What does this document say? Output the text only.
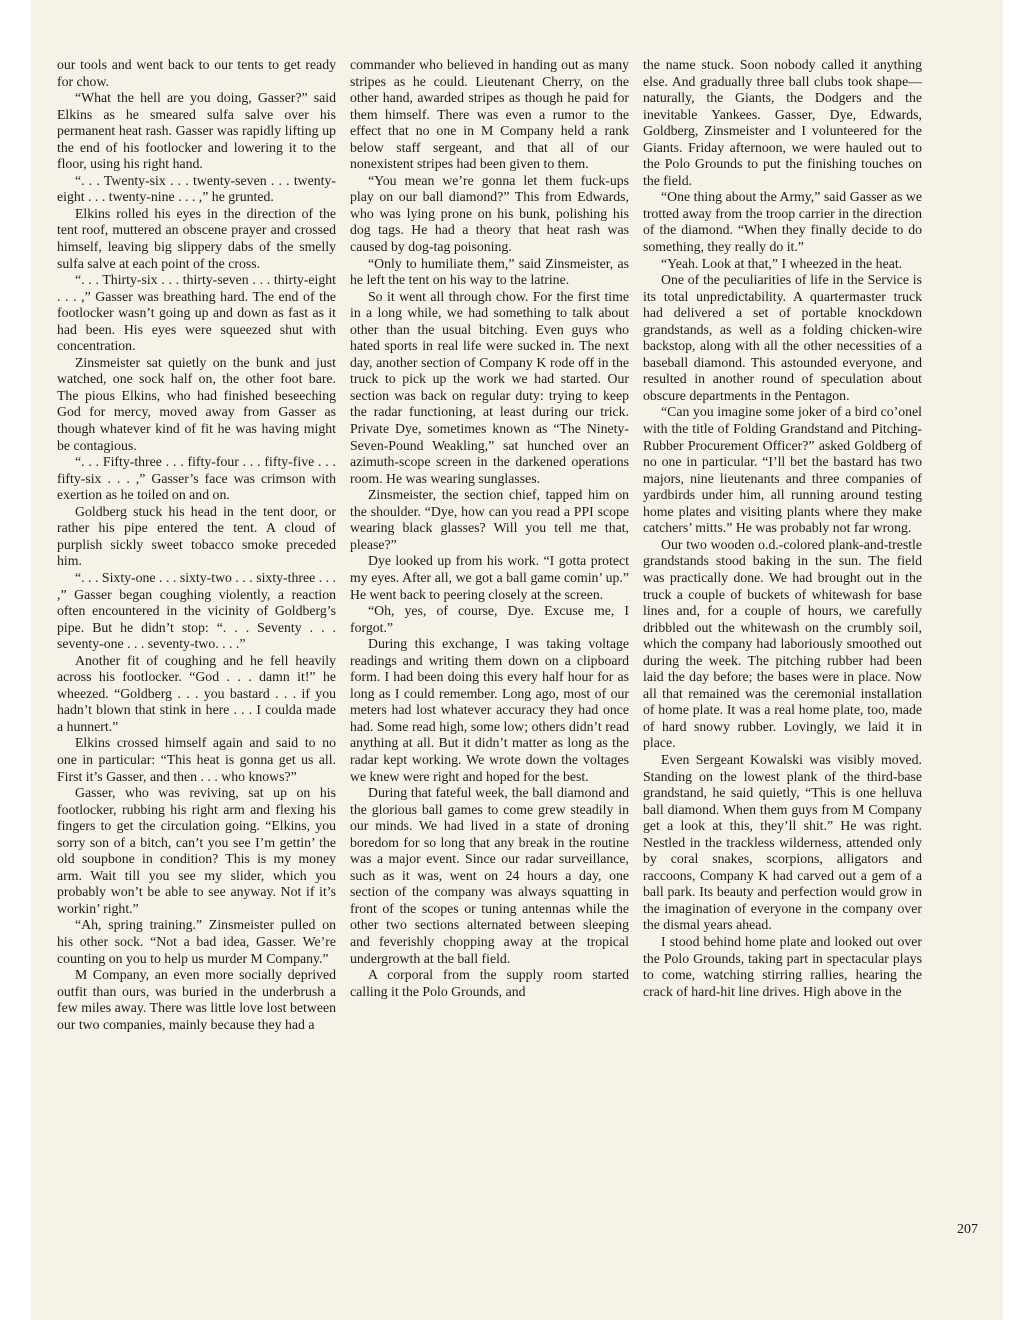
our tools and went back to our tents to get ready for chow.

“What the hell are you doing, Gasser?” said Elkins as he smeared sulfa salve over his permanent heat rash. Gasser was rapidly lifting up the end of his footlocker and lowering it to the floor, using his right hand.

“. . . Twenty-six . . . twenty-seven . . . twenty-eight . . . twenty-nine . . . ,” he grunted.

Elkins rolled his eyes in the direction of the tent roof, muttered an obscene prayer and crossed himself, leaving big slippery dabs of the smelly sulfa salve at each point of the cross.

“. . . Thirty-six . . . thirty-seven . . . thirty-eight . . . ,” Gasser was breathing hard. The end of the footlocker wasn’t going up and down as fast as it had been. His eyes were squeezed shut with concentration.

Zinsmeister sat quietly on the bunk and just watched, one sock half on, the other foot bare. The pious Elkins, who had finished beseeching God for mercy, moved away from Gasser as though whatever kind of fit he was having might be contagious.

“. . . Fifty-three . . . fifty-four . . . fifty-five . . . fifty-six . . . ,” Gasser’s face was crimson with exertion as he toiled on and on.

Goldberg stuck his head in the tent door, or rather his pipe entered the tent. A cloud of purplish sickly sweet tobacco smoke preceded him.

“. . . Sixty-one . . . sixty-two . . . sixty-three . . . ,” Gasser began coughing violently, a reaction often encountered in the vicinity of Goldberg’s pipe. But he didn’t stop: “. . . Seventy . . . seventy-one . . . seventy-two. . . .”

Another fit of coughing and he fell heavily across his footlocker. “God . . . damn it!” he wheezed. “Goldberg . . . you bastard . . . if you hadn’t blown that stink in here . . . I coulda made a hunnert.”

Elkins crossed himself again and said to no one in particular: “This heat is gonna get us all. First it’s Gasser, and then . . . who knows?”

Gasser, who was reviving, sat up on his footlocker, rubbing his right arm and flexing his fingers to get the circulation going. “Elkins, you sorry son of a bitch, can’t you see I’m gettin’ the old soupbone in condition? This is my money arm. Wait till you see my slider, which you probably won’t be able to see anyway. Not if it’s workin’ right.”

“Ah, spring training.” Zinsmeister pulled on his other sock. “Not a bad idea, Gasser. We’re counting on you to help us murder M Company.”

M Company, an even more socially deprived outfit than ours, was buried in the underbrush a few miles away. There was little love lost between our two companies, mainly because they had a

commander who believed in handing out as many stripes as he could. Lieutenant Cherry, on the other hand, awarded stripes as though he paid for them himself. There was even a rumor to the effect that no one in M Company held a rank below staff sergeant, and that all of our nonexistent stripes had been given to them.

“You mean we’re gonna let them fuck-ups play on our ball diamond?” This from Edwards, who was lying prone on his bunk, polishing his dog tags. He had a theory that heat rash was caused by dog-tag poisoning.

“Only to humiliate them,” said Zinsmeister, as he left the tent on his way to the latrine.

So it went all through chow. For the first time in a long while, we had something to talk about other than the usual bitching. Even guys who hated sports in real life were sucked in. The next day, another section of Company K rode off in the truck to pick up the work we had started. Our section was back on regular duty: trying to keep the radar functioning, at least during our trick. Private Dye, sometimes known as “The Ninety-Seven-Pound Weakling,” sat hunched over an azimuth-scope screen in the darkened operations room. He was wearing sunglasses.

Zinsmeister, the section chief, tapped him on the shoulder. “Dye, how can you read a PPI scope wearing black glasses? Will you tell me that, please?”

Dye looked up from his work. “I gotta protect my eyes. After all, we got a ball game comin’ up.” He went back to peering closely at the screen.

“Oh, yes, of course, Dye. Excuse me, I forgot.”

During this exchange, I was taking voltage readings and writing them down on a clipboard form. I had been doing this every half hour for as long as I could remember. Long ago, most of our meters had lost whatever accuracy they had once had. Some read high, some low; others didn’t read anything at all. But it didn’t matter as long as the radar kept working. We wrote down the voltages we knew were right and hoped for the best.

During that fateful week, the ball diamond and the glorious ball games to come grew steadily in our minds. We had lived in a state of droning boredom for so long that any break in the routine was a major event. Since our radar surveillance, such as it was, went on 24 hours a day, one section of the company was always squatting in front of the scopes or tuning antennas while the other two sections alternated between sleeping and feverishly chopping away at the tropical undergrowth at the ball field.

A corporal from the supply room started calling it the Polo Grounds, and

the name stuck. Soon nobody called it anything else. And gradually three ball clubs took shape—naturally, the Giants, the Dodgers and the inevitable Yankees. Gasser, Dye, Edwards, Goldberg, Zinsmeister and I volunteered for the Giants. Friday afternoon, we were hauled out to the Polo Grounds to put the finishing touches on the field.

“One thing about the Army,” said Gasser as we trotted away from the troop carrier in the direction of the diamond. “When they finally decide to do something, they really do it.”

“Yeah. Look at that,” I wheezed in the heat.

One of the peculiarities of life in the Service is its total unpredictability. A quartermaster truck had delivered a set of portable knockdown grandstands, as well as a folding chicken-wire backstop, along with all the other necessities of a baseball diamond. This astounded everyone, and resulted in another round of speculation about obscure departments in the Pentagon.

“Can you imagine some joker of a bird co’onel with the title of Folding Grandstand and Pitching-Rubber Procurement Officer?” asked Goldberg of no one in particular. “I’ll bet the bastard has two majors, nine lieutenants and three companies of yardbirds under him, all running around testing home plates and visiting plants where they make catchers’ mitts.” He was probably not far wrong.

Our two wooden o.d.-colored plank-and-trestle grandstands stood baking in the sun. The field was practically done. We had brought out in the truck a couple of buckets of whitewash for base lines and, for a couple of hours, we carefully dribbled out the whitewash on the crumbly soil, which the company had laboriously smoothed out during the week. The pitching rubber had been laid the day before; the bases were in place. Now all that remained was the ceremonial installation of home plate. It was a real home plate, too, made of hard snowy rubber. Lovingly, we laid it in place.

Even Sergeant Kowalski was visibly moved. Standing on the lowest plank of the third-base grandstand, he said quietly, “This is one helluva ball diamond. When them guys from M Company get a look at this, they’ll shit.” He was right. Nestled in the trackless wilderness, attended only by coral snakes, scorpions, alligators and raccoons, Company K had carved out a gem of a ball park. Its beauty and perfection would grow in the imagination of everyone in the company over the dismal years ahead.

I stood behind home plate and looked out over the Polo Grounds, taking part in spectacular plays to come, watching stirring rallies, hearing the crack of hard-hit line drives. High above in the

207
